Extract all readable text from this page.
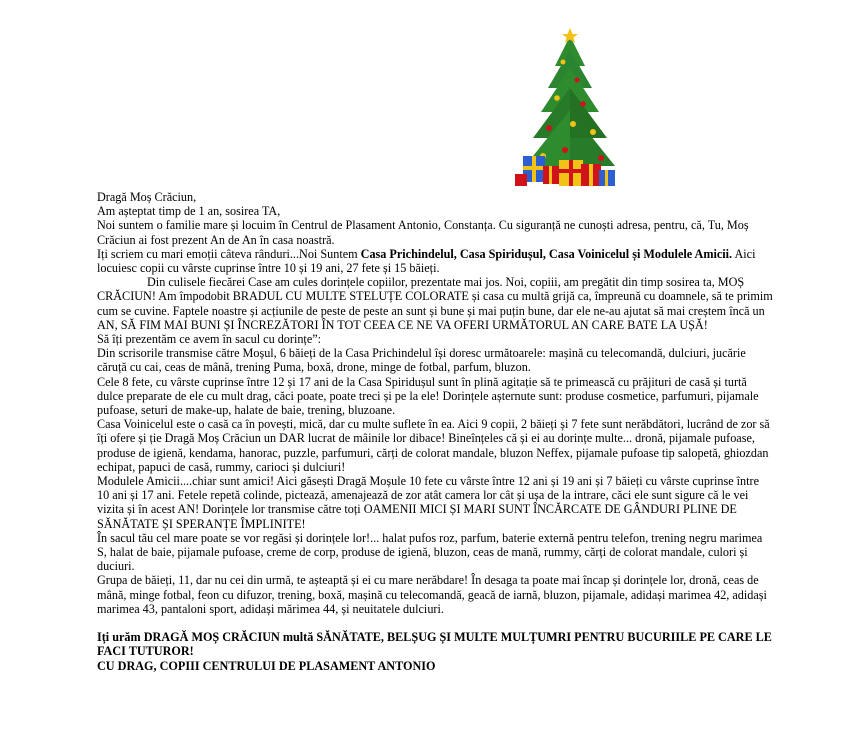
Dragă Moș Crăciun,

Am așteptat timp de 1 an, sosirea TA,

Noi suntem o familie mare și locuim în Centrul de Plasament Antonio, Constanța. Cu siguranță ne cunoști adresa, pentru, că, Tu, Moș Crăciun ai fost prezent An de An în casa noastră.

Iți scriem cu mari emoții câteva rânduri...Noi Suntem Casa Prichindelul, Casa Spiridușul, Casa Voinicelul și Modulele Amicii. Aici locuiesc copii cu vârste cuprinse între 10 și 19 ani, 27 fete și 15 băieți.

Din culisele fiecărei Case am cules dorințele copiilor, prezentate mai jos. Noi, copiii, am pregătit din timp sosirea ta, MOȘ CRĂCIUN! Am împodobit BRADUL CU MULTE STELUȚE COLORATE și casa cu multă grijă ca, împreună cu doamnele, să te primim cum se cuvine. Faptele noastre și acțiunile de peste de peste an sunt și bune și mai puțin bune, dar ele ne-au ajutat să mai creștem încă un AN, SĂ FIM MAI BUNI ȘI ÎNCREZĂTORI ÎN TOT CEEA CE NE VA OFERI URMĂTORUL AN CARE BATE LA UȘĂ!

Să îți prezentăm ce avem în sacul cu dorințe”:

Din scrisorile transmise către Moșul, 6 băieți de la Casa Prichindelul își doresc următoarele: mașină cu telecomandă, dulciuri, jucărie căruță cu cai, ceas de mână, trening Puma, boxă, drone, minge de fotbal, parfum, bluzon.

Cele 8 fete, cu vârste cuprinse între 12 și 17 ani de la Casa Spiridușul sunt în plină agitație să te primească cu prăjituri de casă și turtă dulce preparate de ele cu mult drag, căci poate, poate treci și pe la ele! Dorințele așternute sunt: produse cosmetice, parfumuri, pijamale pufoase, seturi de make-up, halate de baie, trening, bluzoane.

Casa Voinicelul este o casă ca în povești, mică, dar cu multe suflete în ea. Aici 9 copii, 2 băieți și 7 fete sunt nerăbdători, lucrând de zor să îți ofere și ție Dragă Moș Crăciun un DAR lucrat de mâinile lor dibace! Bineînțeles că și ei au dorințe multe... dronă, pijamale pufoase, produse de igienă, kendama, hanorac, puzzle, parfumuri, cărți de colorat mandale, bluzon Neffex, pijamale pufoase tip salopetă, ghiozdan echipat, papuci de casă, rummy, carioci și dulciuri!

Modulele Amicii....chiar sunt amici! Aici găsești Dragă Moșule 10 fete cu vârste între 12 ani și 19 ani și 7 băieți cu vârste cuprinse între 10 ani și 17 ani. Fetele repetă colinde, pictează, amenajează de zor atât camera lor cât și ușa de la intrare, căci ele sunt sigure că le vei vizita și în acest AN! Dorințele lor transmise către toți OAMENII MICI ȘI MARI SUNT ÎNCĂRCATE DE GÂNDURI PLINE DE SĂNĂTATE ȘI SPERANȚE ÎMPLINITE!

În sacul tău cel mare poate se vor regăsi și dorințele lor!... halat pufos roz, parfum, baterie externă pentru telefon, trening negru marimea S, halat de baie, pijamale pufoase, creme de corp, produse de igienă, bluzon, ceas de mană, rummy, cărți de colorat mandale, culori și duciuri.

Grupa de băieți, 11, dar nu cei din urmă, te așteaptă și ei cu mare nerăbdare! În desaga ta poate mai încap și dorințele lor, dronă, ceas de mână, minge fotbal, feon cu difuzor, trening, boxă, mașină cu telecomandă, geacă de iarnă, bluzon, pijamale, adidași marimea 42, adidași marimea 43, pantaloni sport, adidași mărimea 44, și neuitatele dulciuri.

Iți urăm DRAGĂ MOȘ CRĂCIUN multă SĂNĂTATE, BELȘUG ȘI MULTE MULȚUMRI PENTRU BUCURIILE PE CARE LE FACI TUTUROR!

CU DRAG, COPIII CENTRULUI DE PLASAMENT ANTONIO
